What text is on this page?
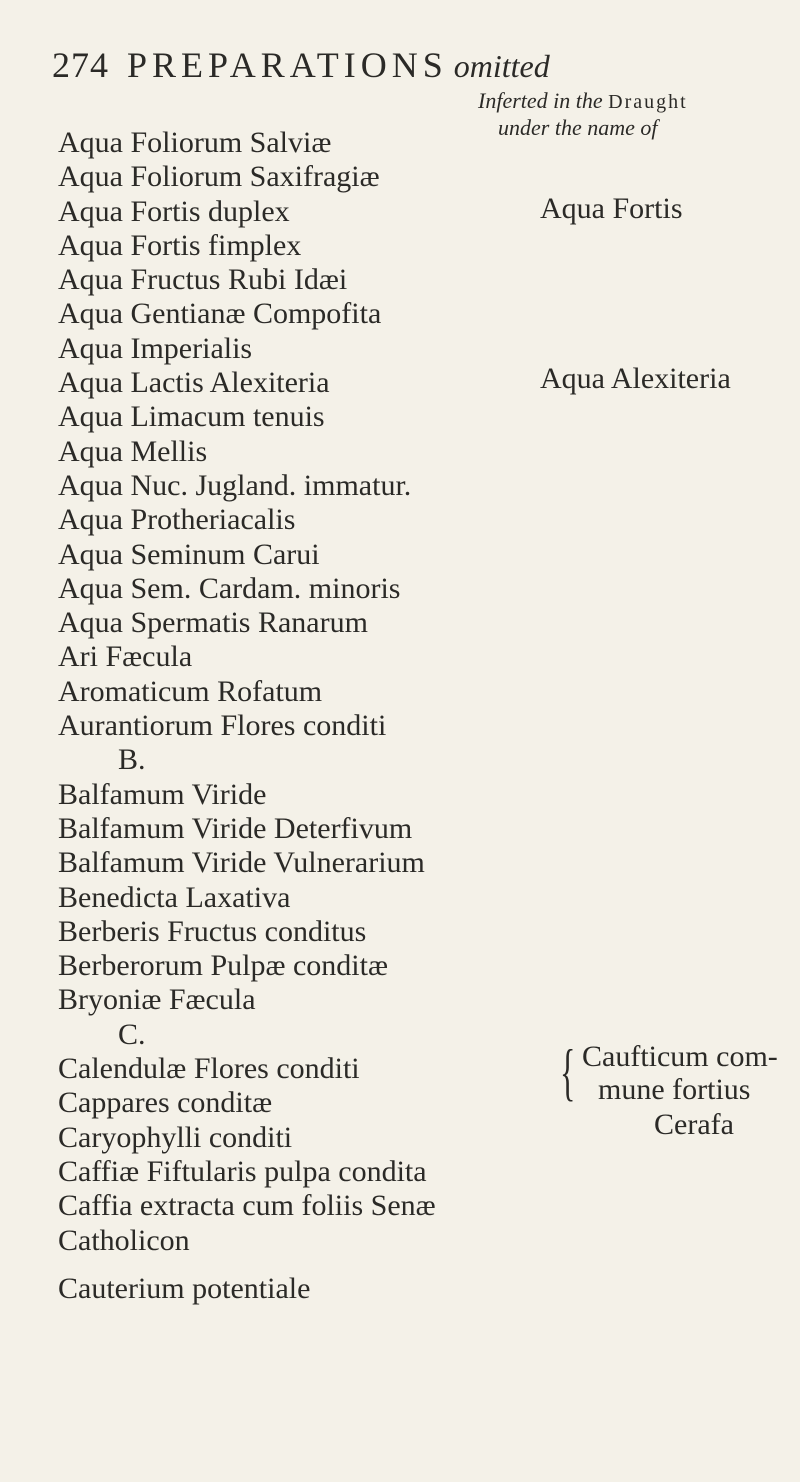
274 PREPARATIONS omitted
Inferted in the Draught
under the name of
Aqua Foliorum Salviæ
Aqua Foliorum Saxifragiæ
Aqua Fortis duplex
Aqua Fortis fimplex
Aqua Fructus Rubi Idæi
Aqua Gentianæ Compofita
Aqua Imperialis
Aqua Lactis Alexiteria
Aqua Limacum tenuis
Aqua Mellis
Aqua Nuc. Jugland. immatur.
Aqua Protheriacalis
Aqua Seminum Carui
Aqua Sem. Cardam. minoris
Aqua Spermatis Ranarum
Ari Fæcula
Aromaticum Rofatum
Aurantiorum Flores conditi
B.
Balfamum Viride
Balfamum Viride Deterfivum
Balfamum Viride Vulnerarium
Benedicta Laxativa
Berberis Fructus conditus
Berberorum Pulpæ conditæ
Bryoniæ Fæcula
C.
Calendulæ Flores conditi
Cappares conditæ
Caryophylli conditi
Caffiæ Fiftularis pulpa condita
Caffia extracta cum foliis Senæ
Catholicon
Cauterium potentiale
Aqua Fortis
Aqua Alexiteria
{ Caufticum com-
mune fortius
Cerafa
